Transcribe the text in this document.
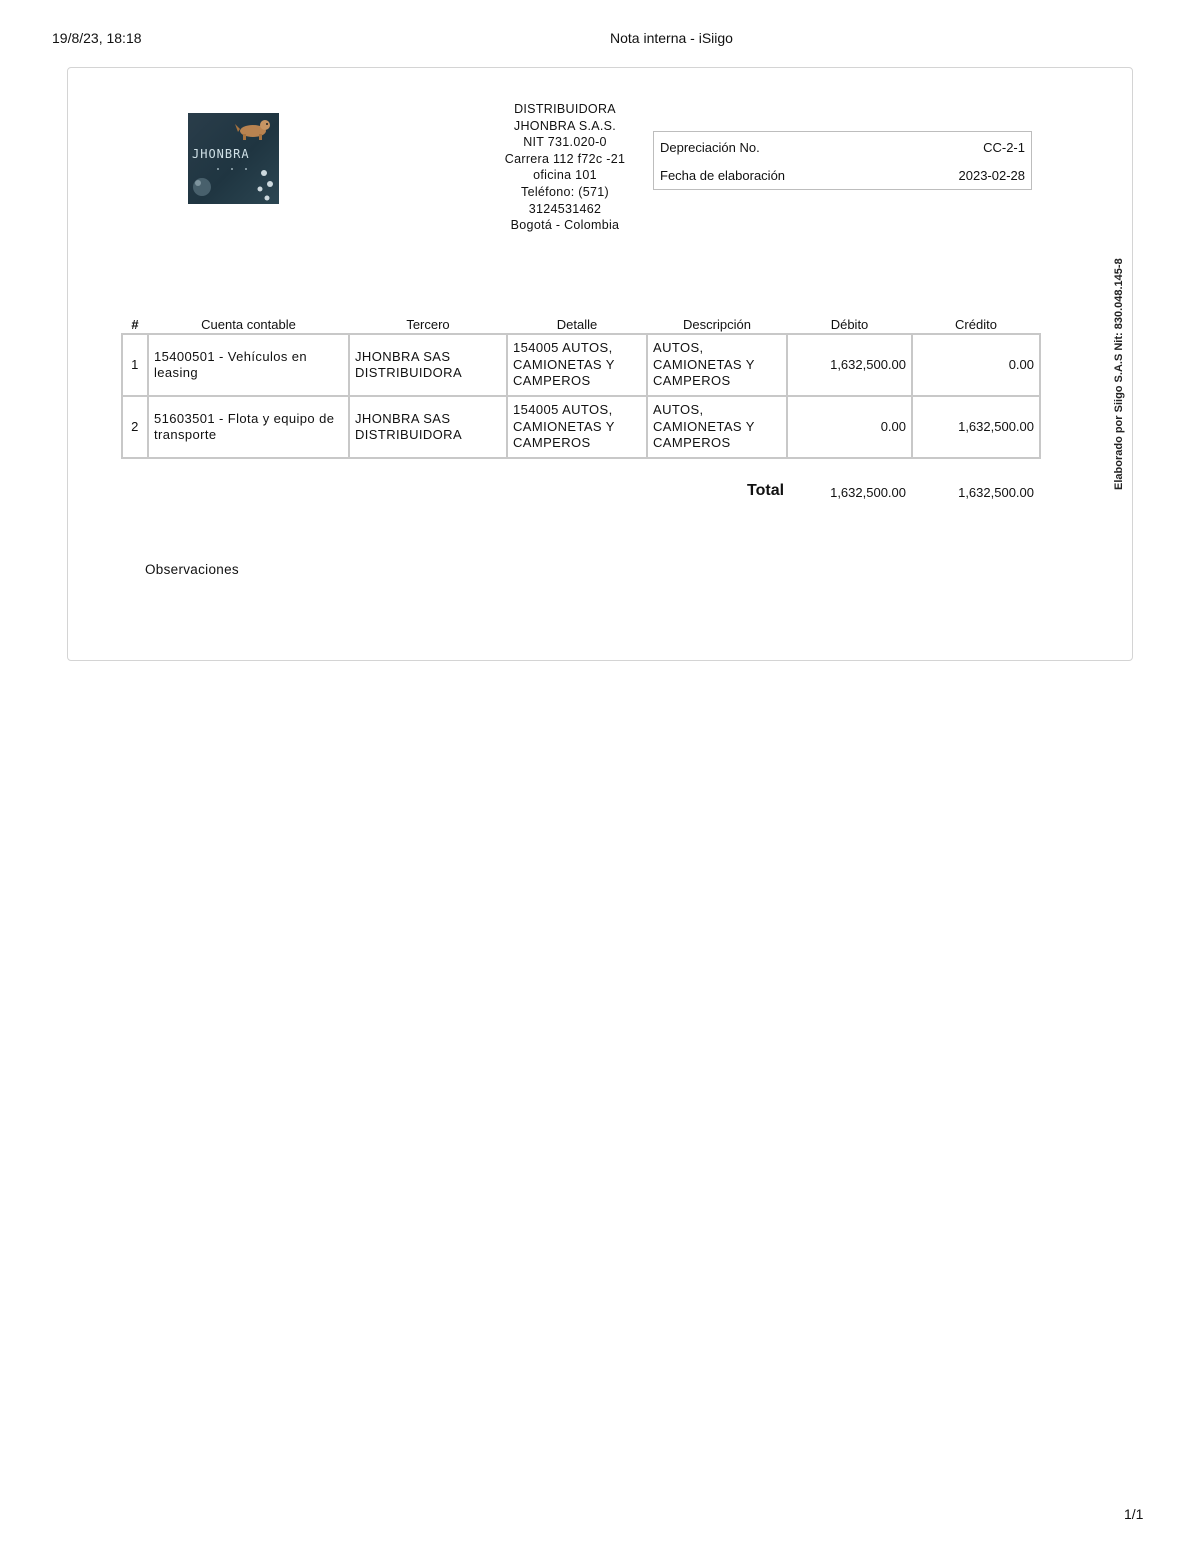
19/8/23, 18:18	Nota interna - iSiigo
JHONBRA
DISTRIBUIDORA
JHONBRA S.A.S.
NIT 731.020-0
Carrera 112 f72c -21
oficina 101
Teléfono: (571)
3124531462
Bogotá - Colombia
Depreciación No.	CC-2-1
Fecha de elaboración	2023-02-28
#	Cuenta contable	Tercero	Detalle	Descripción	Débito	Crédito
1	15400501 - Vehículos en leasing	JHONBRA SAS DISTRIBUIDORA	154005 AUTOS, CAMIONETAS Y CAMPEROS	AUTOS, CAMIONETAS Y CAMPEROS	1,632,500.00	0.00
2	51603501 - Flota y equipo de transporte	JHONBRA SAS DISTRIBUIDORA	154005 AUTOS, CAMIONETAS Y CAMPEROS	AUTOS, CAMIONETAS Y CAMPEROS	0.00	1,632,500.00
Total	1,632,500.00	1,632,500.00
Observaciones
Elaborado por Siigo S.A.S Nit: 830.048.145-8
1/1
